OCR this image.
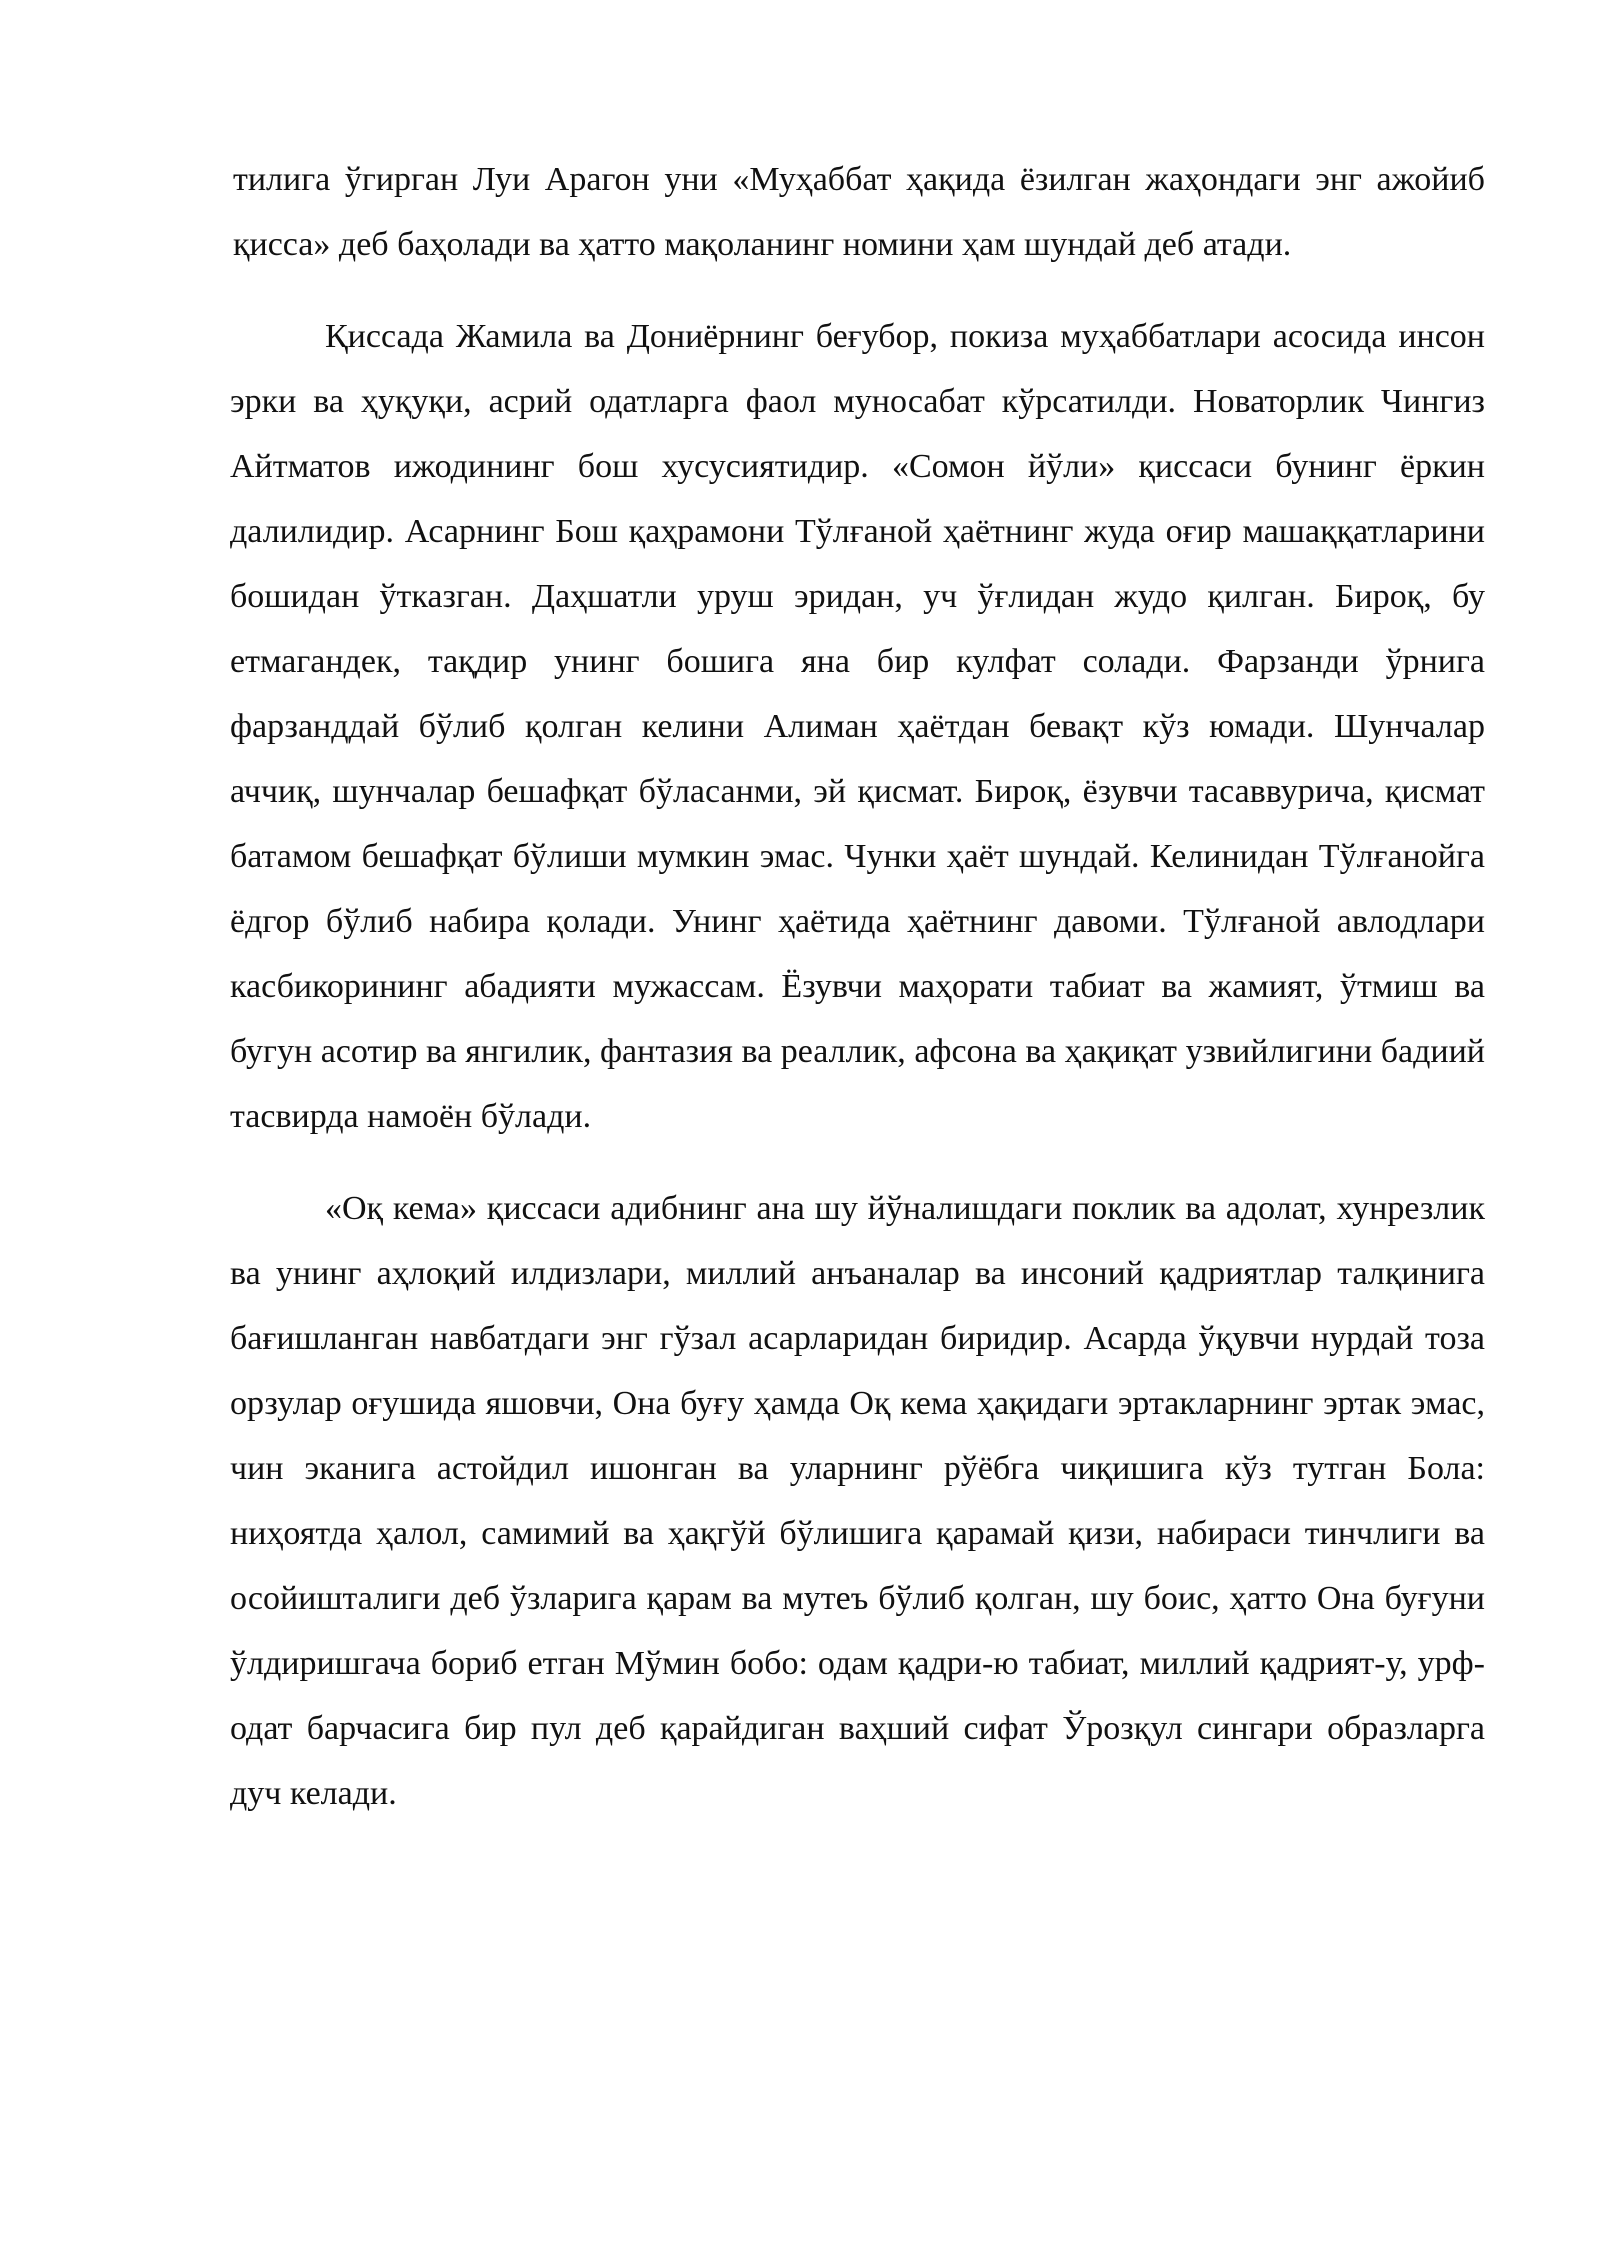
тилига ўгирган Луи Арагон уни «Муҳаббат ҳақида ёзилган жаҳондаги энг ажойиб қисса» деб баҳолади ва ҳатто мақоланинг номини ҳам шундай деб атади.

Қиссада Жамила ва Дониёрнинг беғубор, покиза муҳаббатлари асосида инсон эрки ва ҳуқуқи, асрий одатларга фаол муносабат кўрсатилди. Новаторлик Чингиз Айтматов ижодининг бош хусусиятидир. «Сомон йўли» қиссаси бунинг ёркин далилидир. Асарнинг Бош қаҳрамони Тўлғаной ҳаётнинг жуда оғир машаққатларини бошидан ўтказган. Даҳшатли уруш эридан, уч ўғлидан жудо қилган. Бироқ, бу етмагандек, тақдир унинг бошига яна бир кулфат солади. Фарзанди ўрнига фарзанддай бўлиб қолган келини Алиман ҳаётдан бевақт кўз юмади. Шунчалар аччиқ, шунчалар бешафқат бўласанми, эй қисмат. Бироқ, ёзувчи тасаввурича, қисмат батамом бешафқат бўлиши мумкин эмас. Чунки ҳаёт шундай. Келинидан Тўлғанойга ёдгор бўлиб набира қолади. Унинг ҳаётида ҳаётнинг давоми. Тўлғаной авлодлари касбикорининг абадияти мужассам. Ёзувчи маҳорати табиат ва жамият, ўтмиш ва бугун асотир ва янгилик, фантазия ва реаллик, афсона ва ҳақиқат узвийлигини бадиий тасвирда намоён бўлади.

«Оқ кема» қиссаси адибнинг ана шу йўналишдаги поклик ва адолат, хунрезлик ва унинг аҳлоқий илдизлари, миллий анъаналар ва инсоний қадриятлар талқинига бағишланган навбатдаги энг гўзал асарларидан биридир. Асарда ўқувчи нурдай тоза орзулар оғушида яшовчи, Она буғу ҳамда Оқ кема ҳақидаги эртакларнинг эртак эмас, чин эканига астойдил ишонган ва уларнинг рўёбга чиқишига кўз тутган Бола: ниҳоятда ҳалол, самимий ва ҳақгўй бўлишига қарамай қизи, набираси тинчлиги ва осойишталиги деб ўзларига қарам ва мутеъ бўлиб қолган, шу боис, ҳатто Она буғуни ўлдиришгача бориб етган Мўмин бобо: одам қадри-ю табиат, миллий қадрият-у, урф-одат барчасига бир пул деб қарайдиган ваҳший сифат Ўрозқул сингари образларга дуч келади.
